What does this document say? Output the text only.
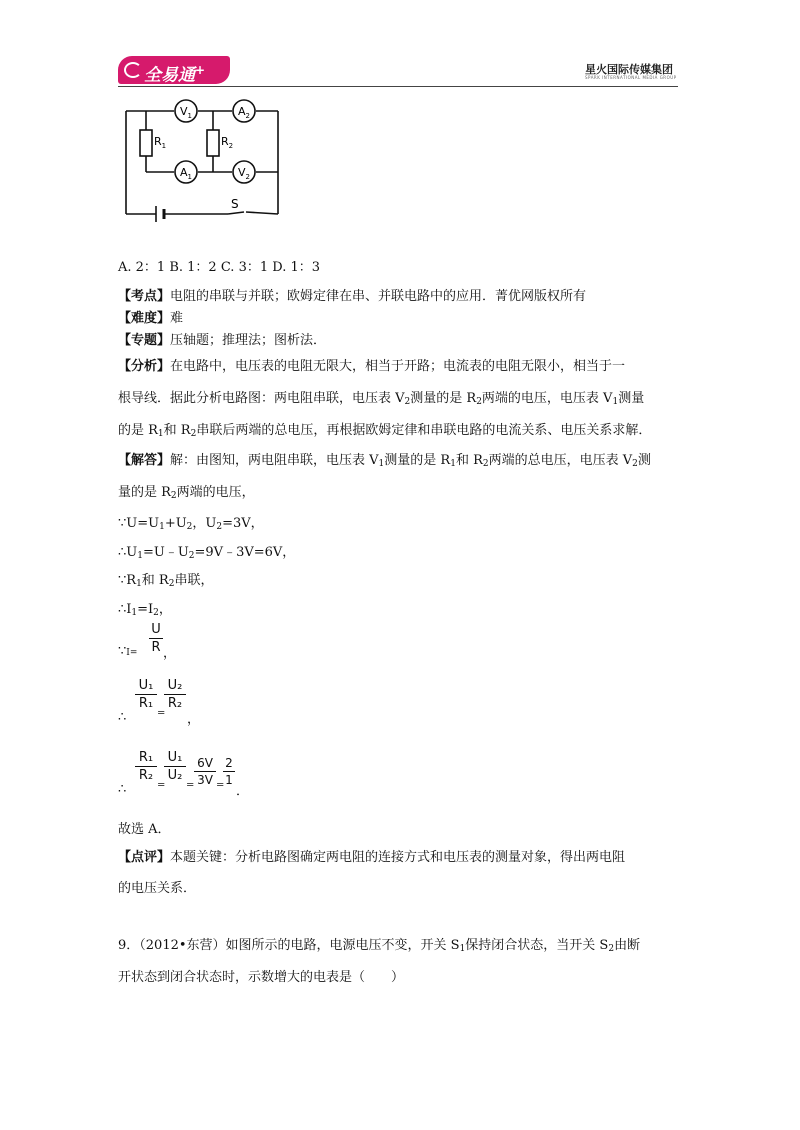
全易通+	星火国际传媒集团
SPARK INTERNATIONAL MEDIA GROUP
S
$R_1$	$R_2$
$V_1$	$A_2$
$A_1$	$V_2$
A. 2：1 B. 1：2 C. 3：1 D. 1：3
【考点】电阻的串联与并联；欧姆定律在串、并联电路中的应用．菁优网版权所有
【难度】难
【专题】压轴题；推理法；图析法．
【分析】在电路中，电压表的电阻无限大，相当于开路；电流表的电阻无限小，相当于一
根导线．据此分析电路图：两电阻串联，电压表 $V_2$测量的是 $R_2$两端的电压，电压表 $V_1$测量
的是 $R_1$和 $R_2$串联后两端的总电压，再根据欧姆定律和串联电路的电流关系、电压关系求解．
【解答】解：由图知，两电阻串联，电压表 $V_1$测量的是 $R_1$和 $R_2$两端的总电压，电压表 $V_2$测
量的是 $R_2$两端的电压，
$\because U=U_1+U_2$，$U_2=3V$，
$\therefore U_1=U﹣U_2=9V﹣3V=6V$，
$\because R_1$和 $R_2$串联，
$\therefore I_1=I_2$，
∵I=
U
R ，
∴
U₁
R₁
=
U₂
R₂
，
∴
R₁
R₂
=
U₁
U₂
=
6V
3V =
2
1
．
故选 A．
【点评】本题关键：分析电路图确定两电阻的连接方式和电压表的测量对象，得出两电阻
的电压关系．
9．（2012•东营）如图所示的电路，电源电压不变，开关 $S_1$保持闭合状态，当开关 $S_2$由断
开状态到闭合状态时，示数增大的电表是（　　）
